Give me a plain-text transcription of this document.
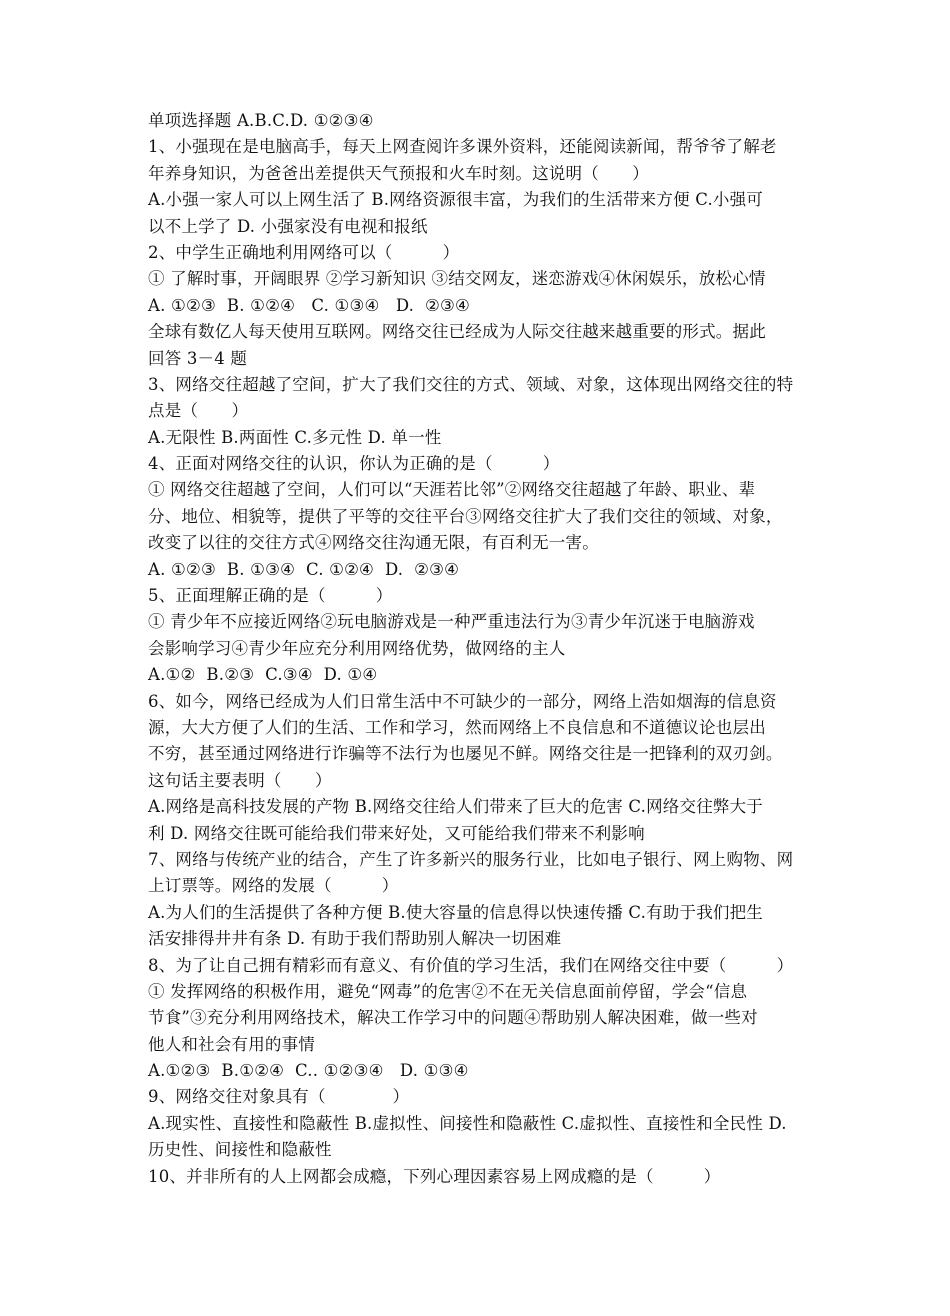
单项选择题 A.B.C.D. ①②③④
1、小强现在是电脑高手，每天上网查阅许多课外资料，还能阅读新闻，帮爷爷了解老
年养身知识，为爸爸出差提供天气预报和火车时刻。这说明（　　）
A.小强一家人可以上网生活了 B.网络资源很丰富，为我们的生活带来方便 C.小强可
以不上学了 D. 小强家没有电视和报纸
2、中学生正确地利用网络可以（　　　）
① 了解时事，开阔眼界 ②学习新知识 ③结交网友，迷恋游戏④休闲娱乐，放松心情
A. ①②③  B. ①②④   C. ①③④   D.  ②③④
全球有数亿人每天使用互联网。网络交往已经成为人际交往越来越重要的形式。据此
回答 3－4 题
3、网络交往超越了空间，扩大了我们交往的方式、领域、对象，这体现出网络交往的特
点是（　　）
A.无限性 B.两面性 C.多元性 D. 单一性
4、正面对网络交往的认识，你认为正确的是（　　　）
① 网络交往超越了空间，人们可以“天涯若比邻”②网络交往超越了年龄、职业、辈
分、地位、相貌等，提供了平等的交往平台③网络交往扩大了我们交往的领域、对象，
改变了以往的交往方式④网络交往沟通无限，有百利无一害。
A. ①②③  B. ①③④  C. ①②④  D.  ②③④
5、正面理解正确的是（　　　）
① 青少年不应接近网络②玩电脑游戏是一种严重违法行为③青少年沉迷于电脑游戏
会影响学习④青少年应充分利用网络优势，做网络的主人
A.①②  B.②③  C.③④  D. ①④
6、如今，网络已经成为人们日常生活中不可缺少的一部分，网络上浩如烟海的信息资
源，大大方便了人们的生活、工作和学习，然而网络上不良信息和不道德议论也层出
不穷，甚至通过网络进行诈骗等不法行为也屡见不鲜。网络交往是一把锋利的双刃剑。
这句话主要表明（　　）
A.网络是高科技发展的产物 B.网络交往给人们带来了巨大的危害 C.网络交往弊大于
利 D. 网络交往既可能给我们带来好处，又可能给我们带来不利影响
7、网络与传统产业的结合，产生了许多新兴的服务行业，比如电子银行、网上购物、网
上订票等。网络的发展（　　　）
A.为人们的生活提供了各种方便 B.使大容量的信息得以快速传播 C.有助于我们把生
活安排得井井有条 D. 有助于我们帮助别人解决一切困难
8、为了让自己拥有精彩而有意义、有价值的学习生活，我们在网络交往中要（　　　）
① 发挥网络的积极作用，避免“网毒”的危害②不在无关信息面前停留，学会“信息
节食”③充分利用网络技术，解决工作学习中的问题④帮助别人解决困难，做一些对
他人和社会有用的事情
A.①②③  B.①②④  C.. ①②③④   D. ①③④
9、网络交往对象具有（　　　　）
A.现实性、直接性和隐蔽性 B.虚拟性、间接性和隐蔽性 C.虚拟性、直接性和全民性 D.
历史性、间接性和隐蔽性
10、并非所有的人上网都会成瘾，下列心理因素容易上网成瘾的是（　　　）
